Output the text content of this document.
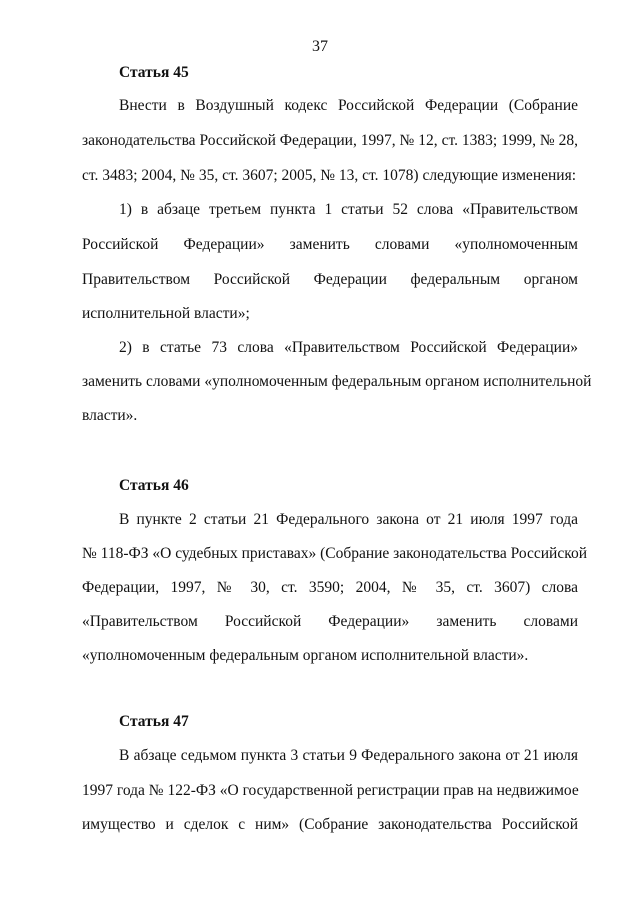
37
Статья 45
Внести в Воздушный кодекс Российской Федерации (Собрание
законодательства Российской Федерации, 1997, № 12, ст. 1383; 1999, № 28,
ст. 3483; 2004, № 35, ст. 3607; 2005, № 13, ст. 1078) следующие изменения:
1) в абзаце третьем пункта 1 статьи 52 слова «Правительством
Российской Федерации» заменить словами «уполномоченным
Правительством Российской Федерации федеральным органом
исполнительной власти»;
2) в статье 73 слова «Правительством Российской Федерации»
заменить словами «уполномоченным федеральным органом исполнительной
власти».
Статья 46
В пункте 2 статьи 21 Федерального закона от 21 июля 1997 года
№ 118-ФЗ «О судебных приставах» (Собрание законодательства Российской
Федерации, 1997, № 30, ст. 3590; 2004, № 35, ст. 3607) слова
«Правительством Российской Федерации» заменить словами
«уполномоченным федеральным органом исполнительной власти».
Статья 47
В абзаце седьмом пункта 3 статьи 9 Федерального закона от 21 июля
1997 года № 122-ФЗ «О государственной регистрации прав на недвижимое
имущество и сделок с ним» (Собрание законодательства Российской
